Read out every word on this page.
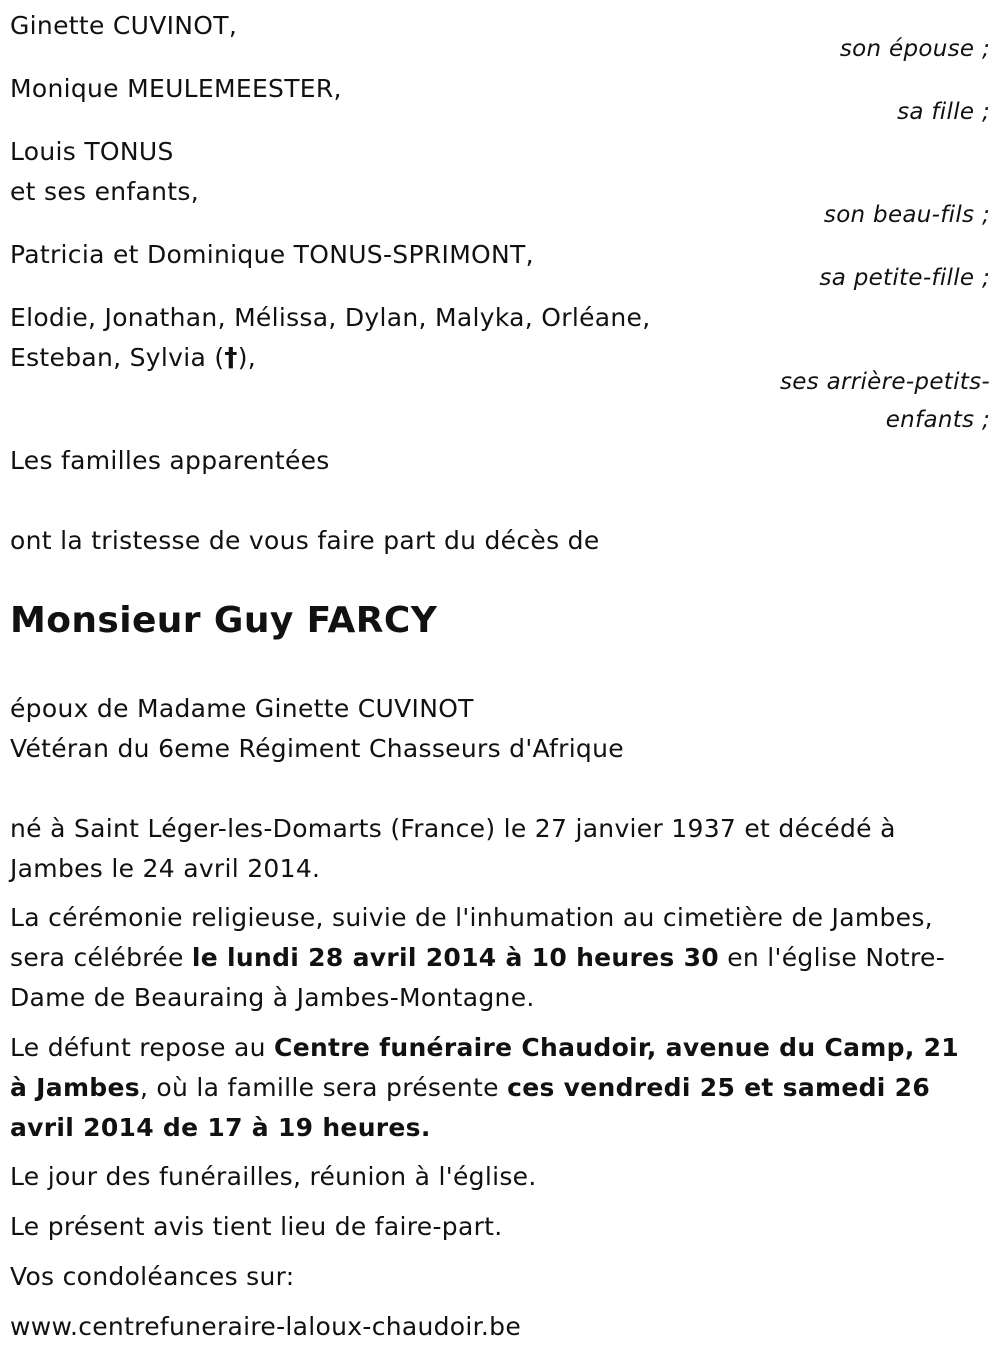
Ginette CUVINOT,
son épouse ;
Monique MEULEMEESTER,
sa fille ;
Louis TONUS
et ses enfants,
son beau-fils ;
Patricia et Dominique TONUS-SPRIMONT,
sa petite-fille ;
Elodie, Jonathan, Mélissa, Dylan, Malyka, Orléane,
Esteban, Sylvia (†),
ses arrière-petits-
enfants ;
Les familles apparentées
ont la tristesse de vous faire part du décès de
Monsieur Guy FARCY
époux de Madame Ginette CUVINOT
Vétéran du 6eme Régiment Chasseurs d'Afrique
né à Saint Léger-les-Domarts (France) le 27 janvier 1937 et décédé à Jambes le 24 avril 2014.
La cérémonie religieuse, suivie de l'inhumation au cimetière de Jambes, sera célébrée le lundi 28 avril 2014 à 10 heures 30 en l'église Notre-Dame de Beauraing à Jambes-Montagne.
Le défunt repose au Centre funéraire Chaudoir, avenue du Camp, 21 à Jambes, où la famille sera présente ces vendredi 25 et samedi 26 avril 2014 de 17 à 19 heures.
Le jour des funérailles, réunion à l'église.
Le présent avis tient lieu de faire-part.
Vos condoléances sur:
www.centrefuneraire-laloux-chaudoir.be
